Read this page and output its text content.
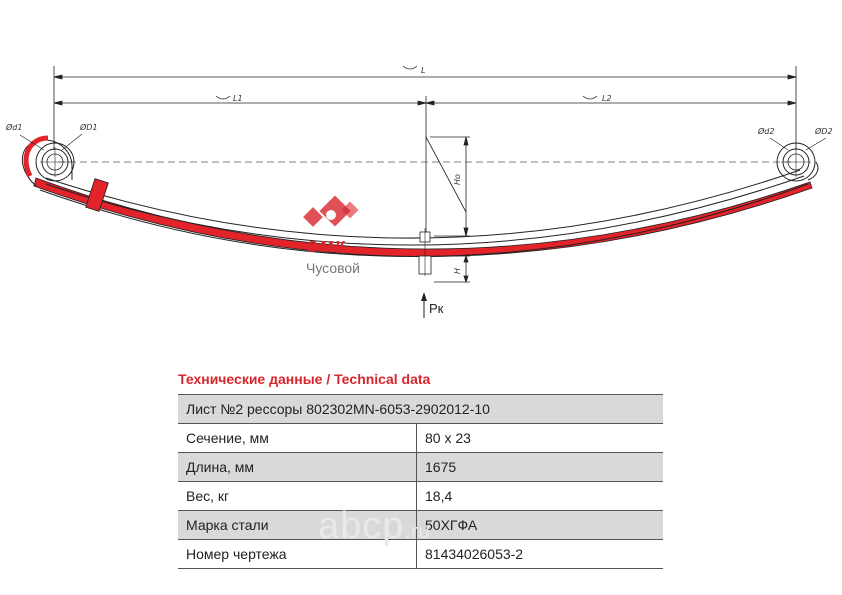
L
L1	L2
Ød1	ØD1	Ød2	ØD2
Ho
H
Pк
ОМК
Чусовой
Технические данные / Technical data
Лист №2 рессоры 802302MN-6053-2902012-10	
Сечение, мм	80 x 23
Длина, мм	1675
Вес, кг	18,4
Марка стали	50ХГФА
Номер чертежа	81434026053-2
abcp.ru
